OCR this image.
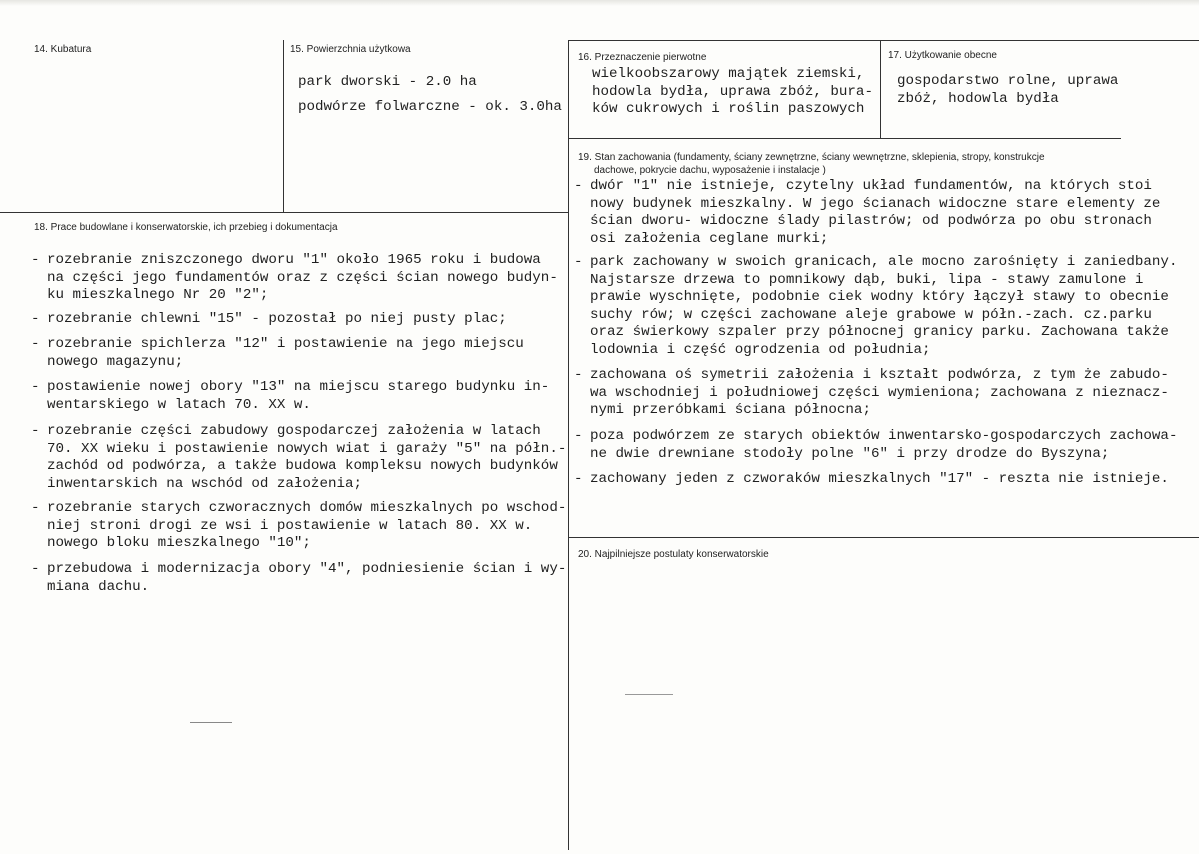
14. Kubatura	15. Powierzchnia użytkowa
park dworski - 2.0 ha
podwórze folwarczne - ok. 3.0ha
16. Przeznaczenie pierwotne
wielkoobszarowy majątek ziemski,
hodowla bydła, uprawa zbóż, bura-
ków cukrowych i roślin paszowych
17. Użytkowanie obecne
gospodarstwo rolne, uprawa
zbóż, hodowla bydła
19. Stan zachowania (fundamenty, ściany zewnętrzne, ściany wewnętrzne, sklepienia, stropy, konstrukcje
dachowe, pokrycie dachu, wyposażenie i instalacje )
18. Prace budowlane i konserwatorskie, ich przebieg i dokumentacja
- rozebranie zniszczonego dworu "1" około 1965 roku i budowa
na części jego fundamentów oraz z części ścian nowego budyn-
ku mieszkalnego Nr 20 "2";
- rozebranie chlewni "15" - pozostał po niej pusty plac;
- rozebranie spichlerza "12" i postawienie na jego miejscu
nowego magazynu;
- postawienie nowej obory "13" na miejscu starego budynku in-
wentarskiego w latach 70. XX w.
- rozebranie części zabudowy gospodarczej założenia w latach
70. XX wieku i postawienie nowych wiat i garaży "5" na półn.-
zachód od podwórza, a także budowa kompleksu nowych budynków
inwentarskich na wschód od założenia;
- rozebranie starych czworacznych domów mieszkalnych po wschod-
niej stroni drogi ze wsi i postawienie w latach 80. XX w.
nowego bloku mieszkalnego "10";
- przebudowa i modernizacja obory "4", podniesienie ścian i wy-
miana dachu.
- dwór "1" nie istnieje, czytelny układ fundamentów, na których stoi
nowy budynek mieszkalny. W jego ścianach widoczne stare elementy ze
ścian dworu- widoczne ślady pilastrów; od podwórza po obu stronach
osi założenia ceglane murki;
- park zachowany w swoich granicach, ale mocno zarośnięty i zaniedbany.
Najstarsze drzewa to pomnikowy dąb, buki, lipa - stawy zamulone i
prawie wyschnięte, podobnie ciek wodny który łączył stawy to obecnie
suchy rów; w części zachowane aleje grabowe w półn.-zach. cz.parku
oraz świerkowy szpaler przy północnej granicy parku. Zachowana także
lodownia i część ogrodzenia od południa;
- zachowana oś symetrii założenia i kształt podwórza, z tym że zabudo-
wa wschodniej i południowej części wymieniona; zachowana z nieznacz-
nymi przeróbkami ściana północna;
- poza podwórzem ze starych obiektów inwentarsko-gospodarczych zachowa-
ne dwie drewniane stodoły polne "6" i przy drodze do Byszyna;
- zachowany jeden z czworaków mieszkalnych "17" - reszta nie istnieje.
20. Najpilniejsze postulaty konserwatorskie
